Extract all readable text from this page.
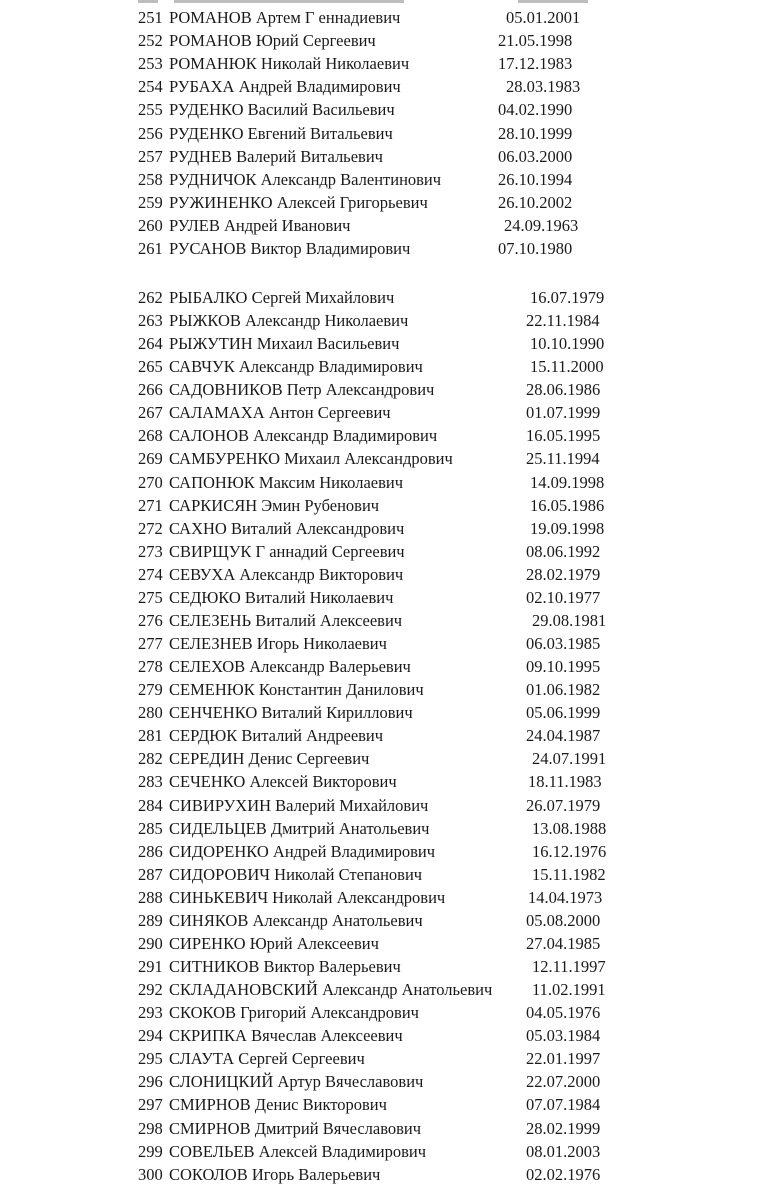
251 РОМАНОВ Артем Г еннадиевич	05.01.2001
252 РОМАНОВ Юрий Сергеевич	21.05.1998
253 РОМАНЮК Николай Николаевич	17.12.1983
254 РУБАХА Андрей Владимирович	28.03.1983
255 РУДЕНКО Василий Васильевич	04.02.1990
256 РУДЕНКО Евгений Витальевич	28.10.1999
257 РУДНЕВ Валерий Витальевич	06.03.2000
258 РУДНИЧОК Александр Валентинович	26.10.1994
259 РУЖИНЕНКО Алексей Григорьевич	26.10.2002
260 РУЛЕВ Андрей Иванович	24.09.1963
261 РУСАНОВ Виктор Владимирович	07.10.1980
262 РЫБАЛКО Сергей Михайлович	16.07.1979
263 РЫЖКОВ Александр Николаевич	22.11.1984
264 РЫЖУТИН Михаил Васильевич	10.10.1990
265 САВЧУК Александр Владимирович	15.11.2000
266 САДОВНИКОВ Петр Александрович	28.06.1986
267 САЛАМАХА Антон Сергеевич	01.07.1999
268 САЛОНОВ Александр Владимирович	16.05.1995
269 САМБУРЕНКО Михаил Александрович	25.11.1994
270 САПОНЮК Максим Николаевич	14.09.1998
271 САРКИСЯН Эмин Рубенович	16.05.1986
272 САХНО Виталий Александрович	19.09.1998
273 СВИРЩУК Г аннадий Сергеевич	08.06.1992
274 СЕВУХА Александр Викторович	28.02.1979
275 СЕДЮКО Виталий Николаевич	02.10.1977
276 СЕЛЕЗЕНЬ Виталий Алексеевич	29.08.1981
277 СЕЛЕЗНЕВ Игорь Николаевич	06.03.1985
278 СЕЛЕХОВ Александр Валерьевич	09.10.1995
279 СЕМЕНЮК Константин Данилович	01.06.1982
280 СЕНЧЕНКО Виталий Кириллович	05.06.1999
281 СЕРДЮК Виталий Андреевич	24.04.1987
282 СЕРЕДИН Денис Сергеевич	24.07.1991
283 СЕЧЕНКО Алексей Викторович	18.11.1983
284 СИВИРУХИН Валерий Михайлович	26.07.1979
285 СИДЕЛЬЦЕВ Дмитрий Анатольевич	13.08.1988
286 СИДОРЕНКО Андрей Владимирович	16.12.1976
287 СИДОРОВИЧ Николай Степанович	15.11.1982
288 СИНЬКЕВИЧ Николай Александрович	14.04.1973
289 СИНЯКОВ Александр Анатольевич	05.08.2000
290 СИРЕНКО Юрий Алексеевич	27.04.1985
291 СИТНИКОВ Виктор Валерьевич	12.11.1997
292 СКЛАДАНОВСКИЙ Александр Анатольевич 11.02.1991
293 СКОКОВ Григорий Александрович	04.05.1976
294 СКРИПКА Вячеслав Алексеевич	05.03.1984
295 СЛАУТА Сергей Сергеевич	22.01.1997
296 СЛОНИЦКИЙ Артур Вячеславович	22.07.2000
297 СМИРНОВ Денис Викторович	07.07.1984
298 СМИРНОВ Дмитрий Вячеславович	28.02.1999
299 СОВЕЛЬЕВ Алексей Владимирович	08.01.2003
300 СОКОЛОВ Игорь Валерьевич	02.02.1976
